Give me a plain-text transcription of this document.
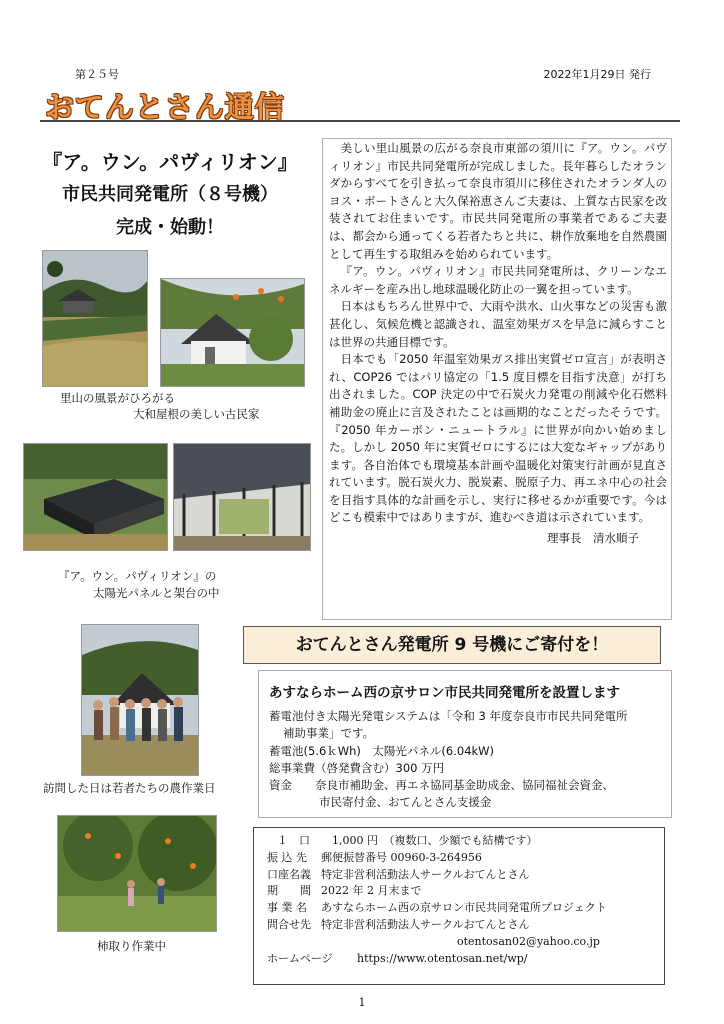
第２５号	2022年1月29日 発行
おてんとさん通信
『ア。ウン。パヴィリオン』
市民共同発電所（８号機）
完成・始動！
里山の風景がひろがる
大和屋根の美しい古民家
『ア。ウン。パヴィリオン』の
太陽光パネルと架台の中
訪問した日は若者たちの農作業日
柿取り作業中

美しい里山風景の広がる奈良市東部の須川に『ア。ウン。パヴィリオン』市民共同発電所が完成しました。長年暮らしたオランダからすべてを引き払って奈良市須川に移住されたオランダ人のヨス・ボートさんと大久保裕恵さんご夫妻は、上質な古民家を改装されてお住まいです。市民共同発電所の事業者であるご夫妻は、都会から通ってくる若者たちと共に、耕作放棄地を自然農園として再生する取組みを始められています。

『ア。ウン。パヴィリオン』市民共同発電所は、クリーンなエネルギーを産み出し地球温暖化防止の一翼を担っています。

日本はもちろん世界中で、大雨や洪水、山火事などの災害も激甚化し、気候危機と認識され、温室効果ガスを早急に減らすことは世界の共通目標です。

日本でも「2050 年温室効果ガス排出実質ゼロ宣言」が表明され、COP26 ではパリ協定の「1.5 度目標を目指す決意」が打ち出されました。COP 決定の中で石炭火力発電の削減や化石燃料補助金の廃止に言及されたことは画期的なことだったそうです。『2050 年カーボン・ニュートラル』に世界が向かい始めました。しかし 2050 年に実質ゼロにするには大変なギャップがあります。各自治体でも環境基本計画や温暖化対策実行計画が見直されています。脱石炭火力、脱炭素、脱原子力、再エネ中心の社会を目指す具体的な計画を示し、実行に移せるかが重要です。今はどこも模索中ではありますが、進むべき道は示されています。

理事長　清水順子

おてんとさん発電所 9 号機にご寄付を！
あすならホーム西の京サロン市民共同発電所を設置します
蓄電池付き太陽光発電システムは「令和 3 年度奈良市市民共同発電所
補助事業」です。
蓄電池(5.6ｋWh)　太陽光パネル(6.04kW)
総事業費（啓発費含む）300 万円
資金　　奈良市補助金、再エネ協同基金助成金、協同福祉会資金、
市民寄付金、おてんとさん支援金
１　口　　1,000 円　（複数口、少額でも結構です）
振 込 先 郵便振替番号 00960-3-264956
口座名義 特定非営利活動法人サークルおてんとさん
期　　間 2022 年 2 月末まで
事 業 名 あすならホーム西の京サロン市民共同発電所プロジェクト
問合せ先 特定非営利活動法人サークルおてんとさん
otentosan02@yahoo.co.jp
ホームページ https://www.otentosan.net/wp/
1
